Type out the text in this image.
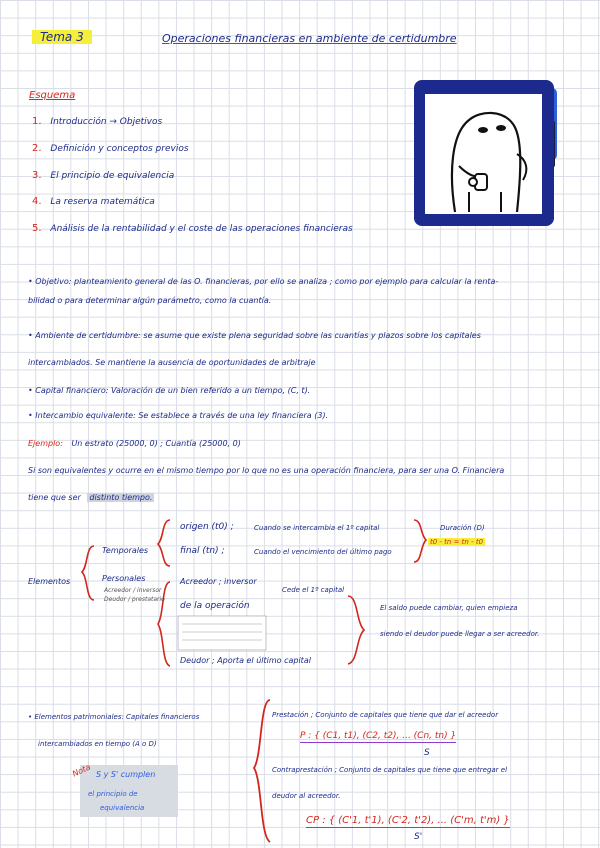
Tema 3	Operaciones financieras en ambiente de certidumbre
Esquema
1. Introducción → Objetivos
2. Definición y conceptos previos
3. El principio de equivalencia
4. La reserva matemática
5. Análisis de la rentabilidad y el coste de las operaciones financieras
• Objetivo: planteamiento general de las O. financieras, por ello se analiza ; como por ejemplo para calcular la renta-
bilidad o para determinar algún parámetro, como la cuantía.
• Ambiente de certidumbre: se asume que existe plena seguridad sobre las cuantías y plazos sobre los capitales
intercambiados. Se mantiene la ausencia de oportunidades de arbitraje
• Capital financiero: Valoración de un bien referido a un tiempo, (C, t).
• Intercambio equivalente: Se establece a través de una ley financiera (3).
Ejemplo: Un estrato (25000, 0) ; Cuantía (25000, 0)
Si son equivalentes y ocurre en el mismo tiempo por lo que no es una operación financiera, para ser una O. Financiera
tiene que ser distinto tiempo.
Elementos
Temporales
Personales
Acreedor / inversor
Deudor / prestatario
origen (t0) ;	Cuando se intercambia el 1º capital
final (tn) ;	Cuando el vencimiento del último pago
Duración (D)
t0 - tn = tn - t0
Acreedor ; inversor
Cede el 1º capital
de la operación
Deudor ; Aporta el último capital
El saldo puede cambiar, quien empieza
siendo el deudor puede llegar a ser acreedor.
• Elementos patrimoniales: Capitales financieros
intercambiados en tiempo (A o D)
Nota S y S' cumplen
el principio de
equivalencia
Prestación ; Conjunto de capitales que tiene que dar el acreedor
P : { (C1, t1), (C2, t2), ... (Cn, tn) }
S
Contraprestación ; Conjunto de capitales que tiene que entregar el
deudor al acreedor.
CP : { (C'1, t'1), (C'2, t'2), ... (C'm, t'm) }
S'
